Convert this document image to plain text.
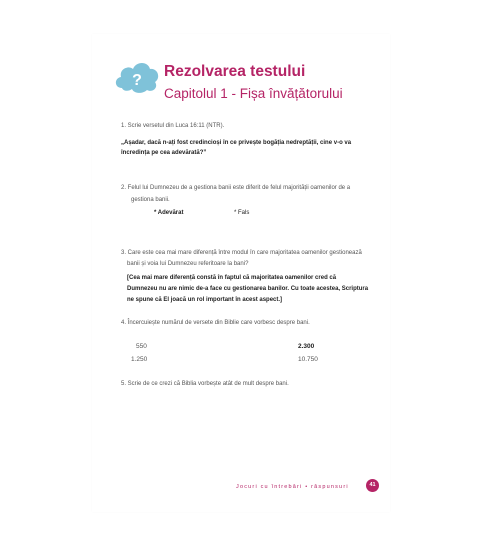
?
Rezolvarea testului
Capitolul 1 - Fișa învățătorului
1. Scrie versetul din Luca 16:11 (NTR).
„Așadar, dacă n-ați fost credincioși în ce privește bogăția nedreptății, cine v-o va
încredința pe cea adevărată?”
2. Felul lui Dumnezeu de a gestiona banii este diferit de felul majorității oamenilor de a
gestiona banii.
* Adevărat	* Fals
3. Care este cea mai mare diferență între modul în care majoritatea oamenilor gestionează
banii și voia lui Dumnezeu referitoare la bani?
[Cea mai mare diferență constă în faptul că majoritatea oamenilor cred că
Dumnezeu nu are nimic de-a face cu gestionarea banilor. Cu toate acestea, Scriptura
ne spune că El joacă un rol important în acest aspect.]
4. Încercuiește numărul de versete din Biblie care vorbesc despre bani.
550	2.300
1.250	10.750
5. Scrie de ce crezi că Biblia vorbește atât de mult despre bani.
Jocuri cu întrebări • răspunsuri	41
